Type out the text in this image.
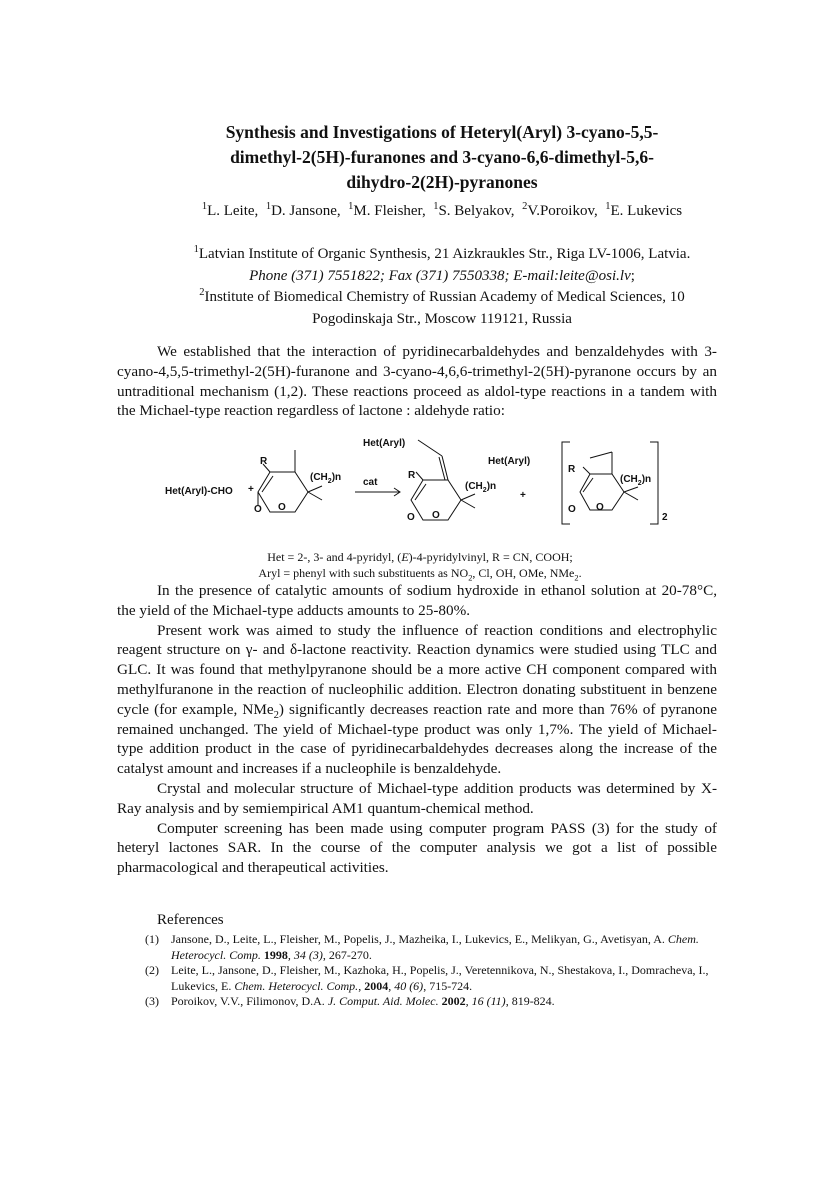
Synthesis and Investigations of Heteryl(Aryl) 3-cyano-5,5-
dimethyl-2(5H)-furanones and 3-cyano-6,6-dimethyl-5,6-
dihydro-2(2H)-pyranones
$^1$L. Leite, $^1$D. Jansone, $^1$M. Fleisher, $^1$S. Belyakov, $^2$V.Poroikov, $^1$E. Lukevics
$^1$Latvian Institute of Organic Synthesis, 21 Aizkraukles Str., Riga LV-1006, Latvia.
Phone (371) 7551822; Fax (371) 7550338; E-mail:leite@osi.lv;
$^2$Institute of Biomedical Chemistry of Russian Academy of Medical Sciences, 10
Pogodinskaja Str., Moscow 119121, Russia

We established that the interaction of pyridinecarbaldehydes and benzaldehydes with 3-cyano-4,5,5-trimethyl-2(5H)-furanone and 3-cyano-4,6,6-trimethyl-2(5H)-pyranone occurs by an untraditional mechanism (1,2). These reactions proceed as aldol-type reactions in a tandem with the Michael-type reaction regardless of lactone : aldehyde ratio:

Het(Aryl)-CHO +
R
$(CH_2)n$
O O
cat
Het(Aryl)
R
$(CH_2)n$
O O
+
Het(Aryl)
R
$(CH_2)n$
O O
2
Het = 2-, 3- and 4-pyridyl, (E)-4-pyridylvinyl, R = CN, COOH;
Aryl = phenyl with such substituents as $NO_2$, Cl, OH, OMe, NMe$_2$.

In the presence of catalytic amounts of sodium hydroxide in ethanol solution at 20-78°C, the yield of the Michael-type adducts amounts to 25-80%.

Present work was aimed to study the influence of reaction conditions and electrophylic reagent structure on γ- and δ-lactone reactivity. Reaction dynamics were studied using TLC and GLC. It was found that methylpyranone should be a more active CH component compared with methylfuranone in the reaction of nucleophilic addition. Electron donating substituent in benzene cycle (for example, NMe$_2$) significantly decreases reaction rate and more than 76% of pyranone remained unchanged. The yield of Michael-type product was only 1,7%. The yield of Michael-type addition product in the case of pyridinecarbaldehydes decreases along the increase of the catalyst amount and increases if a nucleophile is benzaldehyde.

Crystal and molecular structure of Michael-type addition products was determined by X-Ray analysis and by semiempirical AM1 quantum-chemical method.

Computer screening has been made using computer program PASS (3) for the study of heteryl lactones SAR. In the course of the computer analysis we got a list of possible pharmacological and therapeutical activities.

References
(1) Jansone, D., Leite, L., Fleisher, M., Popelis, J., Mazheika, I., Lukevics, E., Melikyan, G., Avetisyan, A. Chem. Heterocycl. Comp. 1998, 34 (3), 267-270.
(2) Leite, L., Jansone, D., Fleisher, M., Kazhoka, H., Popelis, J., Veretennikova, N., Shestakova, I., Domracheva, I., Lukevics, E. Chem. Heterocycl. Comp., 2004, 40 (6), 715-724.
(3) Poroikov, V.V., Filimonov, D.A. J. Comput. Aid. Molec. 2002, 16 (11), 819-824.
